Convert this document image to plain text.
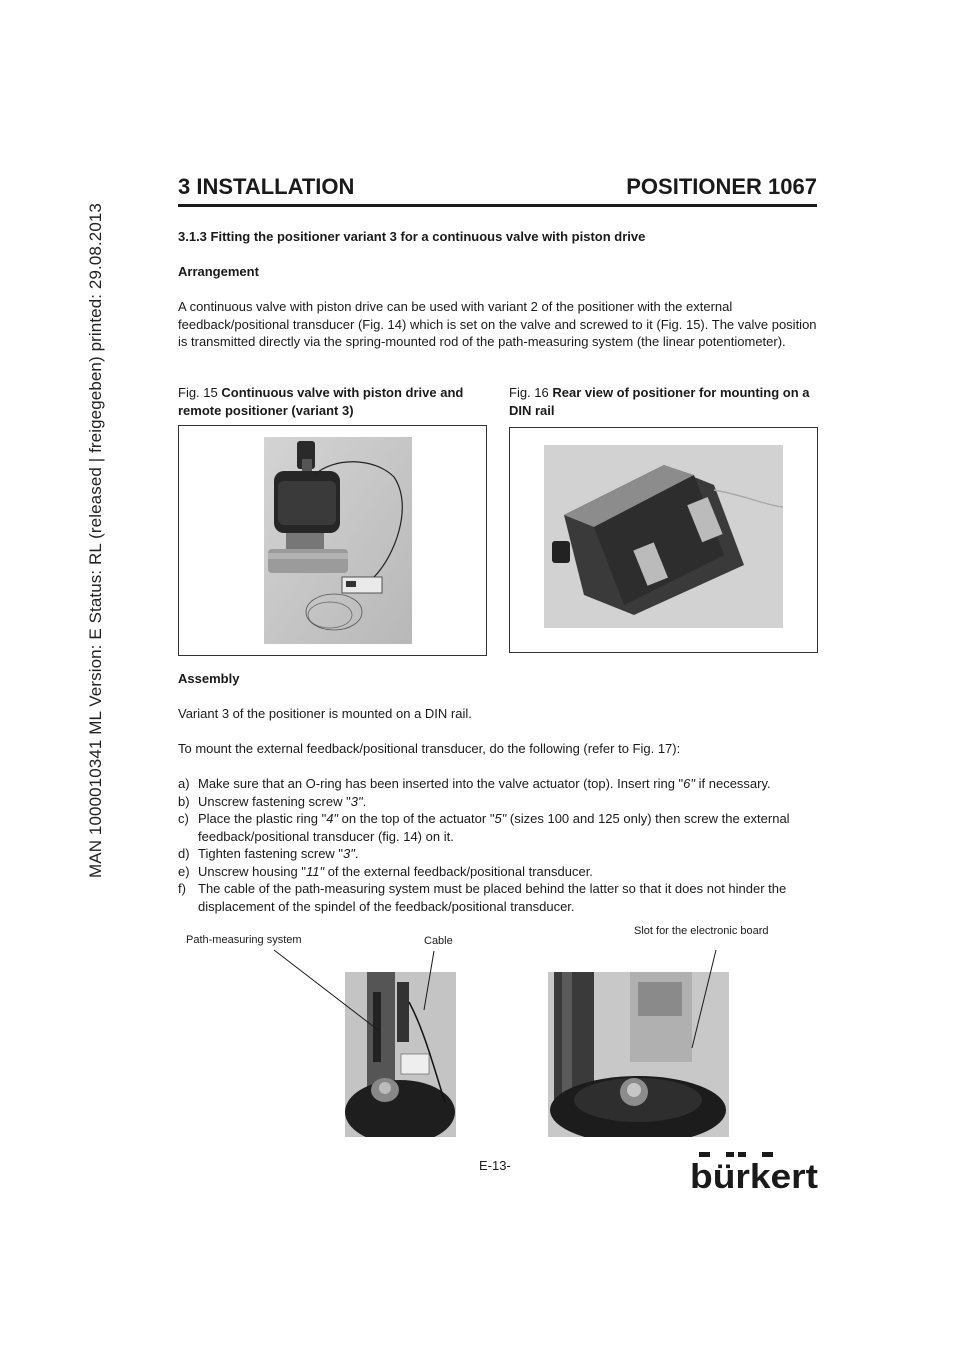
MAN 1000010341 ML Version: E Status: RL (released | freigegeben) printed: 29.08.2013
3 INSTALLATION	POSITIONER 1067

3.1.3 Fitting the positioner variant 3 for a continuous valve with piston drive

Arrangement

A continuous valve with piston drive can be used with variant 2 of the positioner with the external feedback/positional transducer (Fig. 14) which is set on the valve and screwed to it (Fig. 15). The valve position is transmitted directly via the spring-mounted rod of the path-measuring system (the linear potentiometer).

Fig. 15 Continuous valve with piston drive and remote positioner (variant 3)
Fig. 16 Rear view of positioner for mounting on a DIN rail

Assembly

Variant 3 of the positioner is mounted on a DIN rail.

To mount the external feedback/positional transducer, do the following (refer to Fig. 17):

a) Make sure that an O-ring has been inserted into the valve actuator (top). Insert ring "6" if necessary.
b) Unscrew fastening screw "3".
c) Place the plastic ring "4" on the top of the actuator "5" (sizes 100 and 125 only) then screw the external feedback/positional transducer (fig. 14) on it.
d) Tighten fastening screw "3".
e) Unscrew housing "11" of the external feedback/positional transducer.
f) The cable of the path-measuring system must be placed behind the latter so that it does not hinder the displacement of the spindel of the feedback/positional transducer.
Path-measuring system	Cable
Slot for the electronic board
E-13-	bürkert
